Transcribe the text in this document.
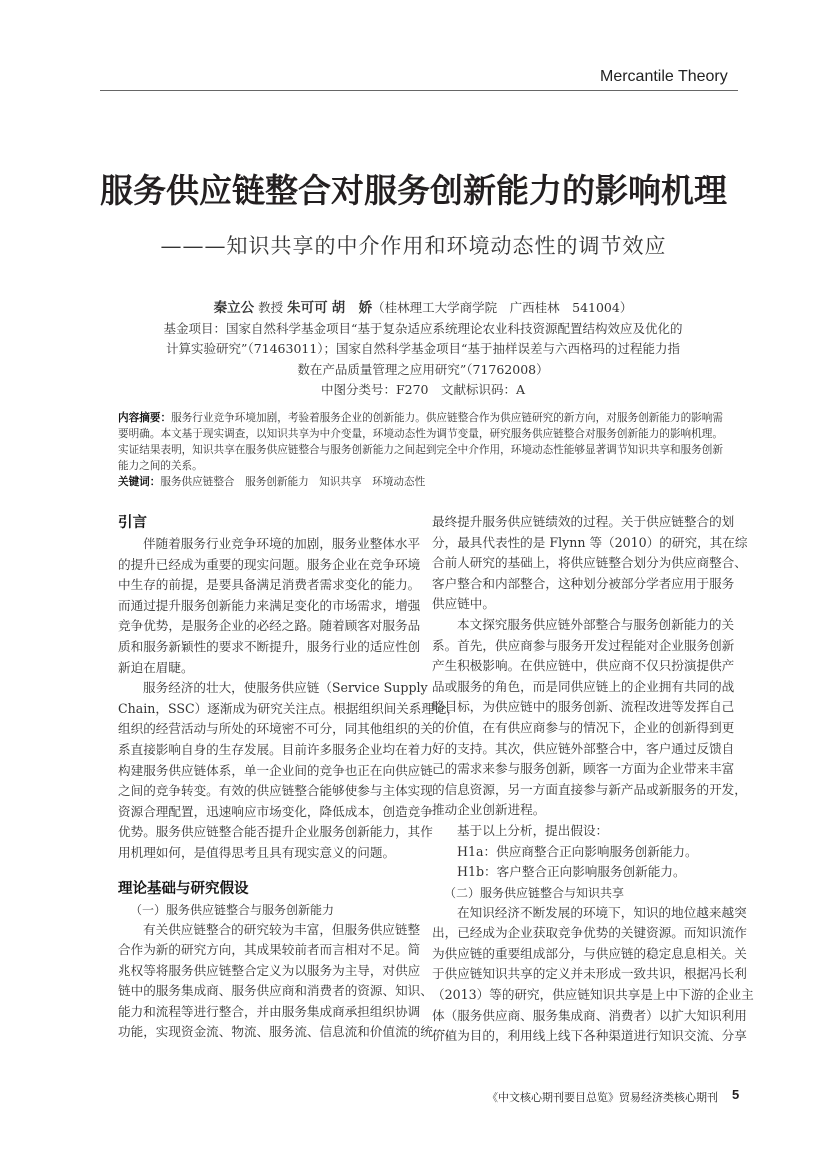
Mercantile Theory
服务供应链整合对服务创新能力的影响机理
———知识共享的中介作用和环境动态性的调节效应
秦立公 教授 朱可可 胡　娇（桂林理工大学商学院　广西桂林　541004）
基金项目：国家自然科学基金项目“基于复杂适应系统理论农业科技资源配置结构效应及优化的
计算实验研究”（71463011）；国家自然科学基金项目“基于抽样误差与六西格玛的过程能力指
数在产品质量管理之应用研究”（71762008）
中图分类号：F270　文献标识码：A
内容摘要：服务行业竞争环境加剧，考验着服务企业的创新能力。供应链整合作为供应链研究的新方向，对服务创新能力的影响需要明确。本文基于现实调查，以知识共享为中介变量，环境动态性为调节变量，研究服务供应链整合对服务创新能力的影响机理。实证结果表明，知识共享在服务供应链整合与服务创新能力之间起到完全中介作用，环境动态性能够显著调节知识共享和服务创新能力之间的关系。
关键词：服务供应链整合　服务创新能力　知识共享　环境动态性
引言
伴随着服务行业竞争环境的加剧，服务业整体水平
的提升已经成为重要的现实问题。服务企业在竞争环境
中生存的前提，是要具备满足消费者需求变化的能力。
而通过提升服务创新能力来满足变化的市场需求，增强
竞争优势，是服务企业的必经之路。随着顾客对服务品
质和服务新颖性的要求不断提升，服务行业的适应性创
新迫在眉睫。
服务经济的壮大，使服务供应链（Service Supply
Chain，SSC）逐渐成为研究关注点。根据组织间关系理论，
组织的经营活动与所处的环境密不可分，同其他组织的关
系直接影响自身的生存发展。目前许多服务企业均在着力
构建服务供应链体系，单一企业间的竞争也正在向供应链
之间的竞争转变。有效的供应链整合能够使参与主体实现
资源合理配置，迅速响应市场变化，降低成本，创造竞争
优势。服务供应链整合能否提升企业服务创新能力，其作
用机理如何，是值得思考且具有现实意义的问题。
理论基础与研究假设
（一）服务供应链整合与服务创新能力
有关供应链整合的研究较为丰富，但服务供应链整
合作为新的研究方向，其成果较前者而言相对不足。简
兆权等将服务供应链整合定义为以服务为主导，对供应
链中的服务集成商、服务供应商和消费者的资源、知识、
能力和流程等进行整合，并由服务集成商承担组织协调
功能，实现资金流、物流、服务流、信息流和价值流的统一，
最终提升服务供应链绩效的过程。关于供应链整合的划
分，最具代表性的是 Flynn 等（2010）的研究，其在综
合前人研究的基础上，将供应链整合划分为供应商整合、
客户整合和内部整合，这种划分被部分学者应用于服务
供应链中。
本文探究服务供应链外部整合与服务创新能力的关
系。首先，供应商参与服务开发过程能对企业服务创新
产生积极影响。在供应链中，供应商不仅只扮演提供产
品或服务的角色，而是同供应链上的企业拥有共同的战
略目标，为供应链中的服务创新、流程改进等发挥自己
的价值，在有供应商参与的情况下，企业的创新得到更
好的支持。其次，供应链外部整合中，客户通过反馈自
己的需求来参与服务创新，顾客一方面为企业带来丰富
的信息资源，另一方面直接参与新产品或新服务的开发，
推动企业创新进程。
基于以上分析，提出假设：
H1a：供应商整合正向影响服务创新能力。
H1b：客户整合正向影响服务创新能力。
（二）服务供应链整合与知识共享
在知识经济不断发展的环境下，知识的地位越来越突
出，已经成为企业获取竞争优势的关键资源。而知识流作
为供应链的重要组成部分，与供应链的稳定息息相关。关
于供应链知识共享的定义并未形成一致共识，根据冯长利
（2013）等的研究，供应链知识共享是上中下游的企业主
体（服务供应商、服务集成商、消费者）以扩大知识利用
价值为目的，利用线上线下各种渠道进行知识交流、分享
《中文核心期刊要目总览》贸易经济类核心期刊 5
